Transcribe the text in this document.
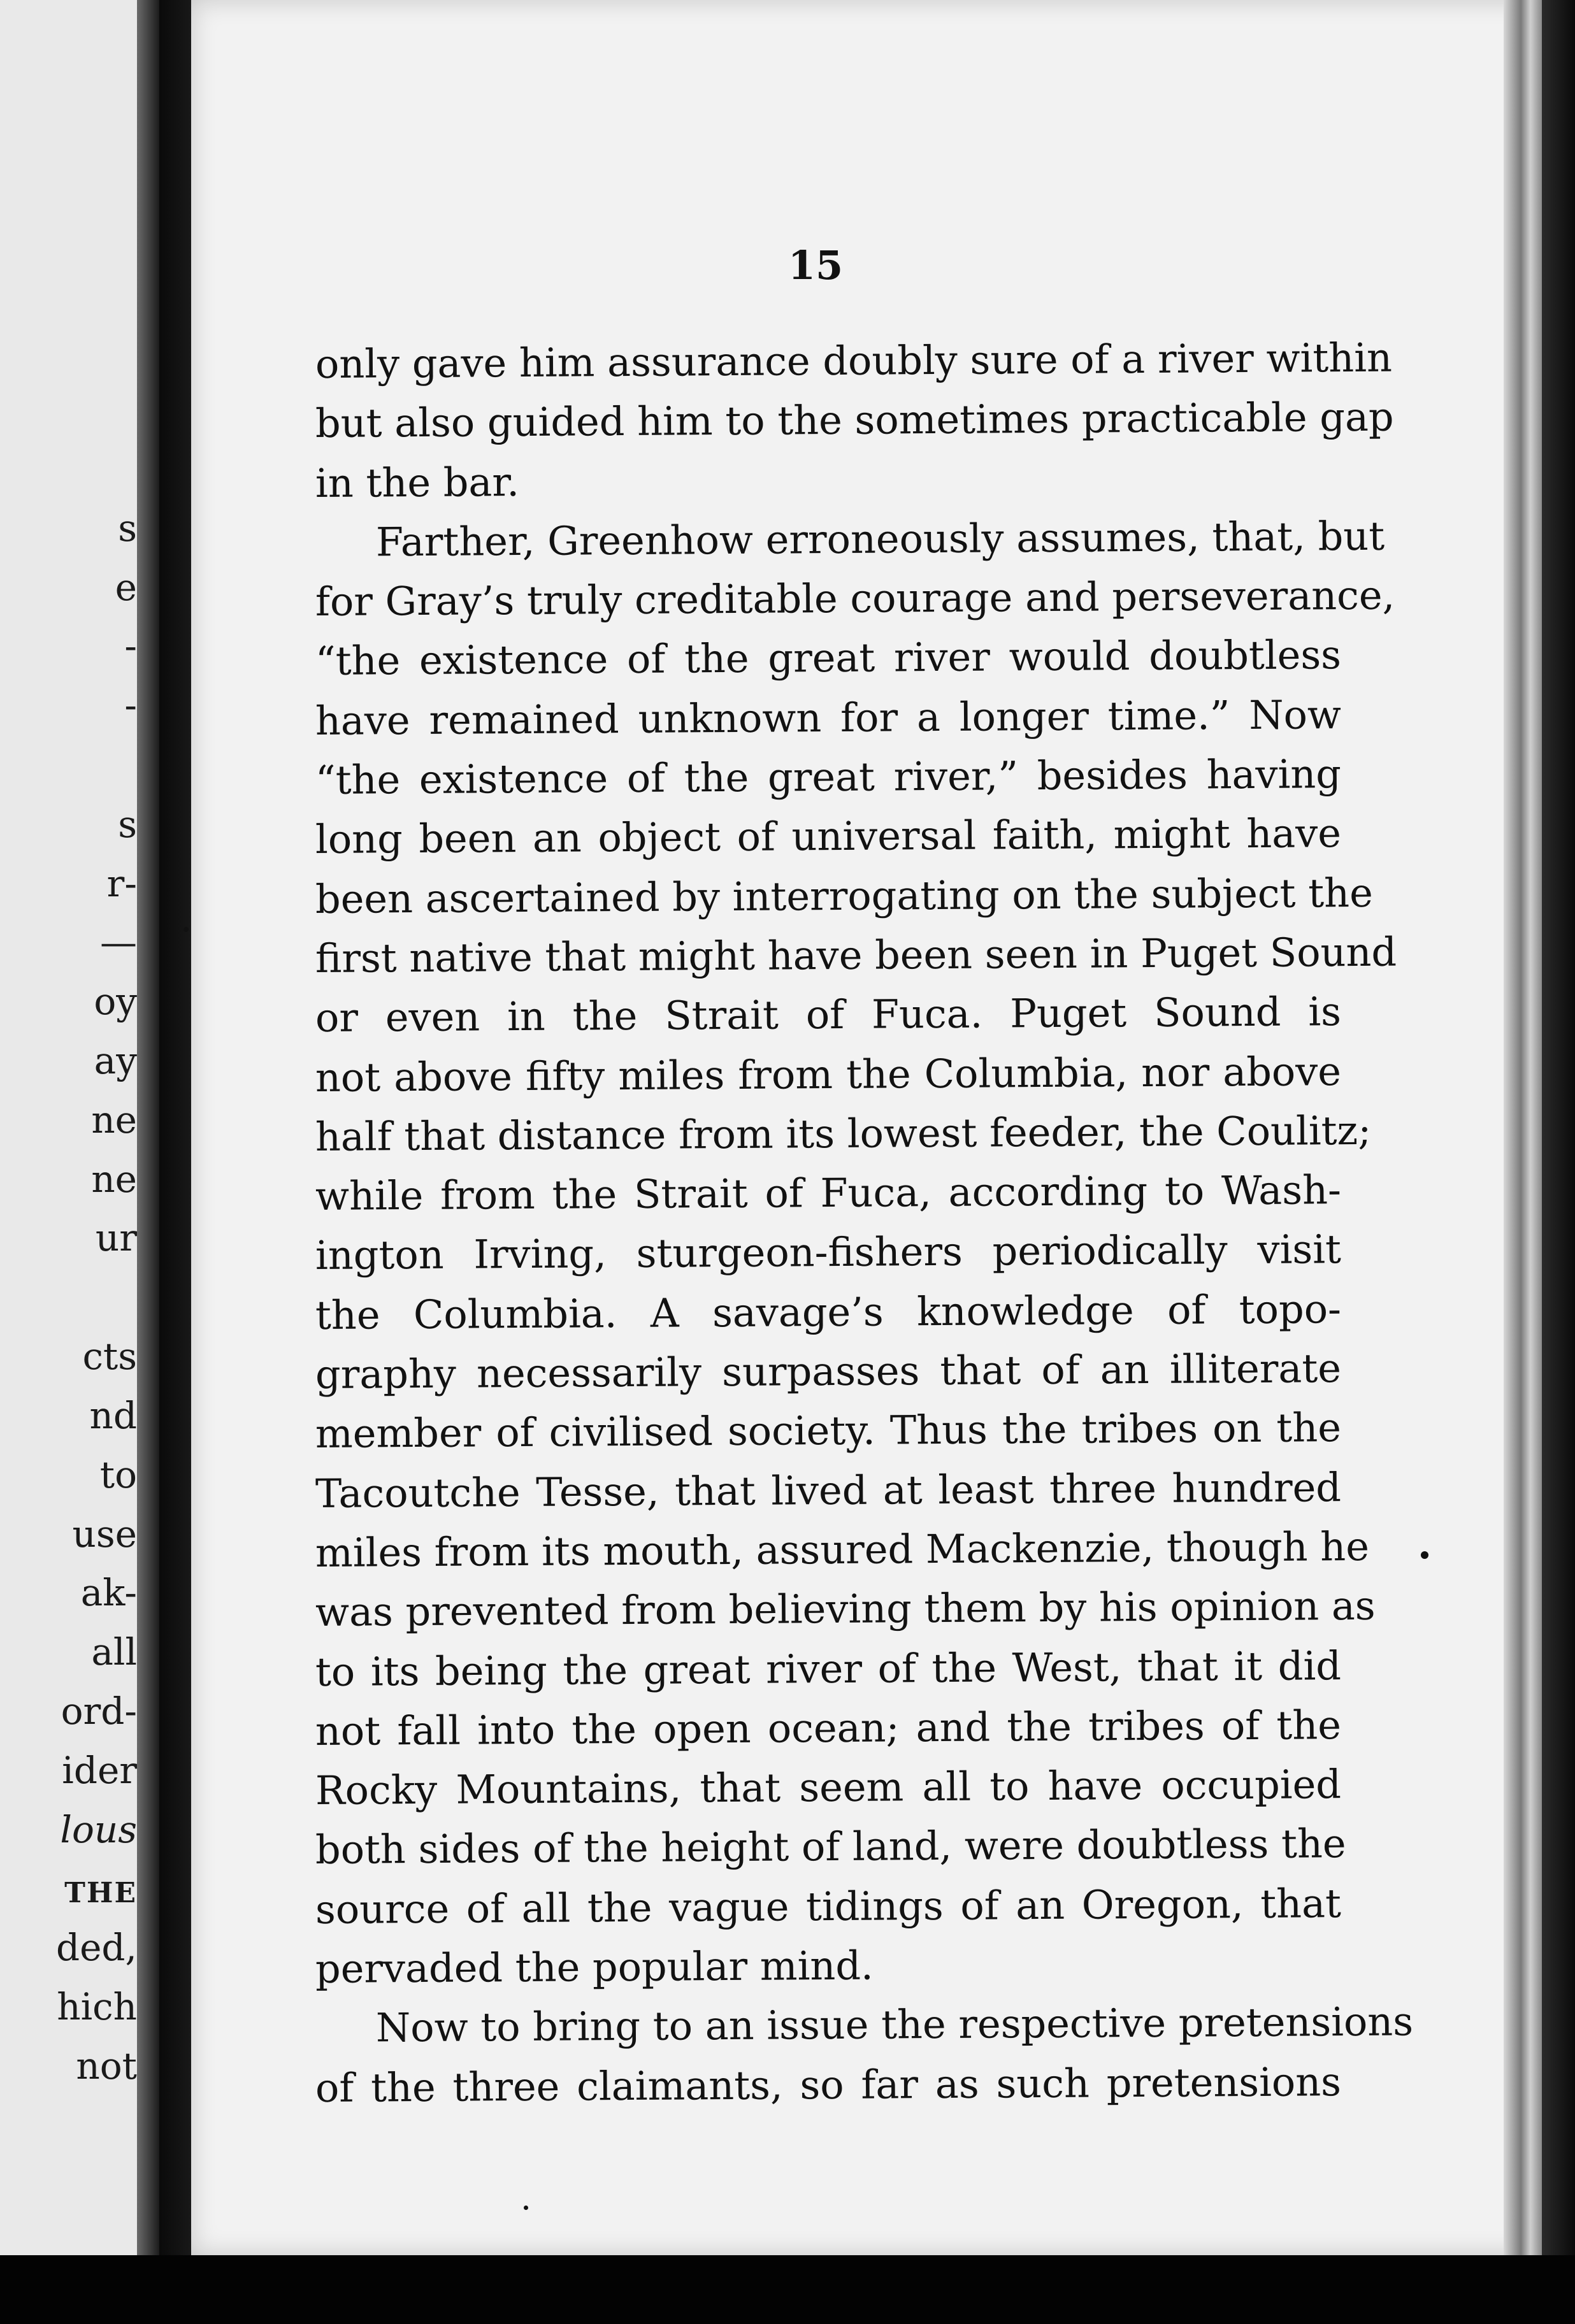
s
e
-
-
s
r-
—
oy
ay
ne
ne
ur
cts
nd
to
use
ak-
all
ord-
ider
lous
THE
ded,
hich
not
15
only gave him assurance doubly sure of a river within
but also guided him to the sometimes practicable gap
in the bar.
Farther, Greenhow erroneously assumes, that, but
for Gray’s truly creditable courage and perseverance,
“the existence of the great river would doubtless
have remained unknown for a longer time.” Now
“the existence of the great river,” besides having
long been an object of universal faith, might have
been ascertained by interrogating on the subject the
first native that might have been seen in Puget Sound
or even in the Strait of Fuca. Puget Sound is
not above fifty miles from the Columbia, nor above
half that distance from its lowest feeder, the Coulitz;
while from the Strait of Fuca, according to Wash-
ington Irving, sturgeon-fishers periodically visit
the Columbia. A savage’s knowledge of topo-
graphy necessarily surpasses that of an illiterate
member of civilised society. Thus the tribes on the
Tacoutche Tesse, that lived at least three hundred
miles from its mouth, assured Mackenzie, though he
was prevented from believing them by his opinion as
to its being the great river of the West, that it did
not fall into the open ocean; and the tribes of the
Rocky Mountains, that seem all to have occupied
both sides of the height of land, were doubtless the
source of all the vague tidings of an Oregon, that
pervaded the popular mind.
Now to bring to an issue the respective pretensions
of the three claimants, so far as such pretensions
